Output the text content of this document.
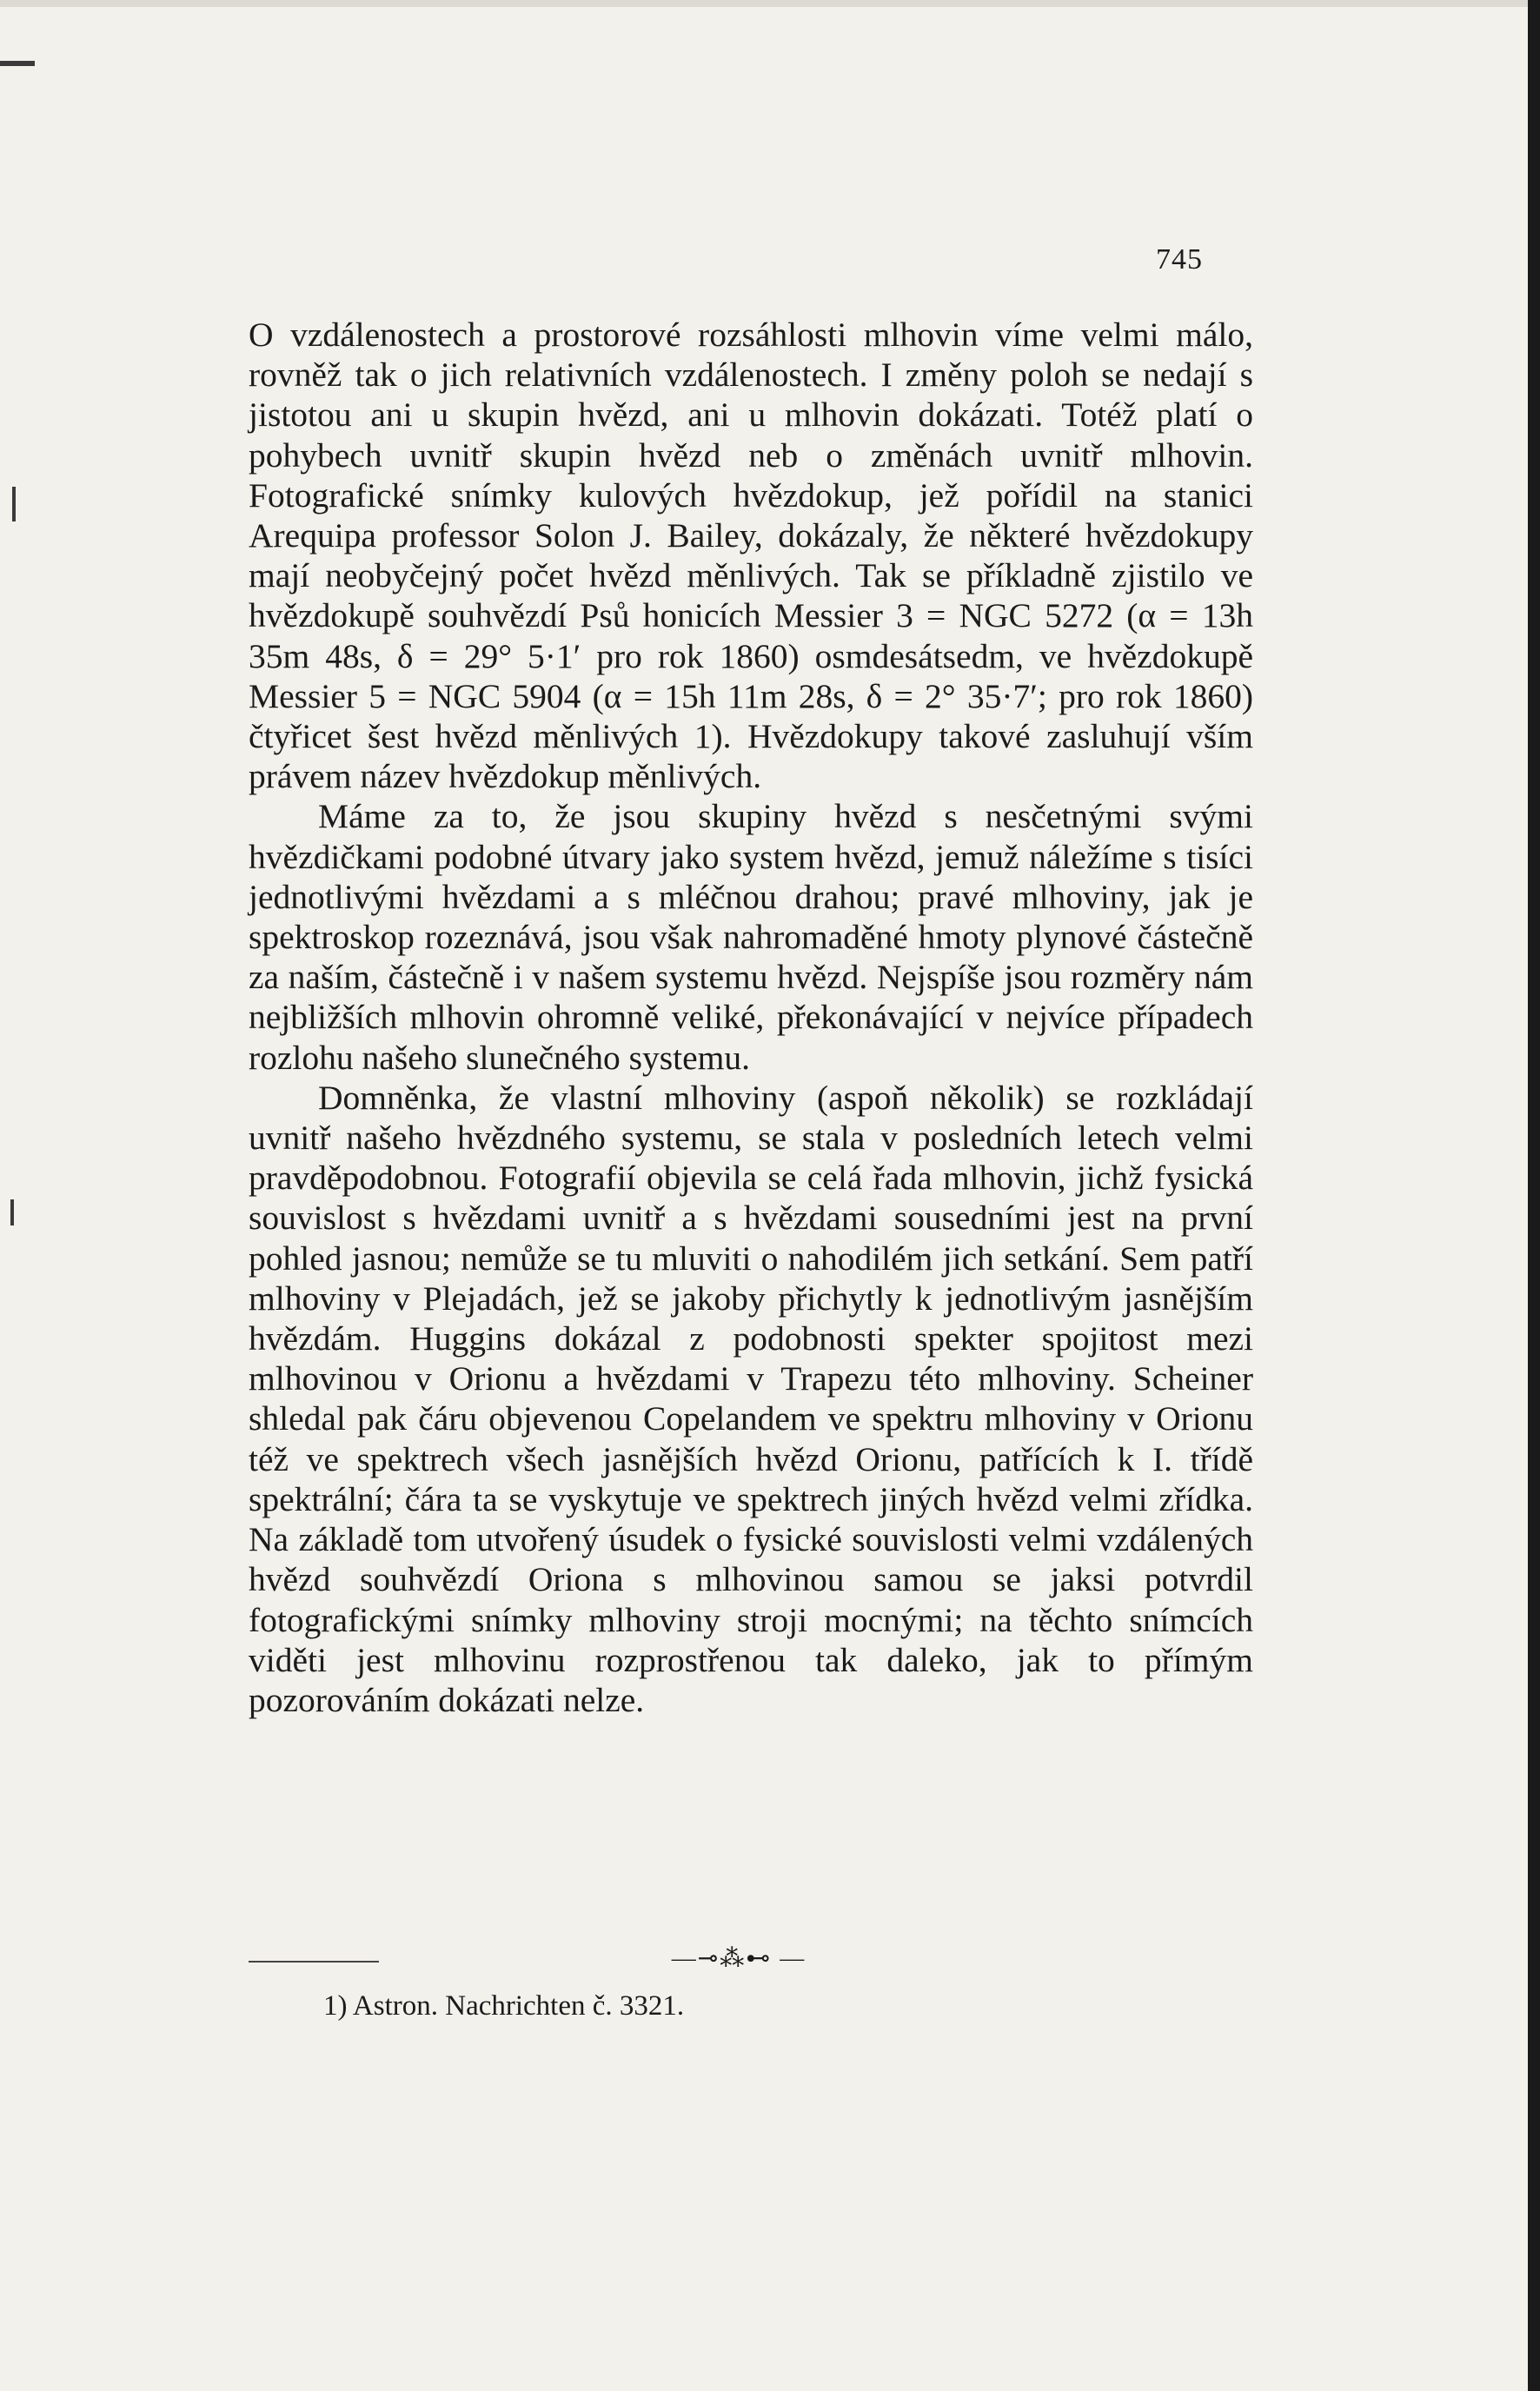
745

O vzdálenostech a prostorové rozsáhlosti mlhovin víme velmi málo, rovněž tak o jich relativních vzdálenostech. I změny poloh se nedají s jistotou ani u skupin hvězd, ani u mlhovin dokázati. Totéž platí o pohybech uvnitř skupin hvězd neb o změnách uvnitř mlhovin. Fotografické snímky kulových hvězdokup, jež pořídil na stanici Arequipa professor Solon J. Bailey, dokázaly, že některé hvězdokupy mají neobyčejný počet hvězd měnlivých. Tak se příkladně zjistilo ve hvězdokupě souhvězdí Psů honicích Messier 3 = NGC 5272 (α = 13h 35m 48s, δ = 29° 5·1′ pro rok 1860) osmdesátsedm, ve hvězdokupě Messier 5 = NGC 5904 (α = 15h 11m 28s, δ = 2° 35·7′; pro rok 1860) čtyřicet šest hvězd měnlivých 1). Hvězdokupy takové zasluhují vším právem název hvězdokup měnlivých.

Máme za to, že jsou skupiny hvězd s nesčetnými svými hvězdičkami podobné útvary jako system hvězd, jemuž náležíme s tisíci jednotlivými hvězdami a s mléčnou drahou; pravé mlhoviny, jak je spektroskop rozeznává, jsou však nahromaděné hmoty plynové částečně za naším, částečně i v našem systemu hvězd. Nejspíše jsou rozměry nám nejbližších mlhovin ohromně veliké, překonávající v nejvíce případech rozlohu našeho slunečného systemu.

Domněnka, že vlastní mlhoviny (aspoň několik) se rozkládají uvnitř našeho hvězdného systemu, se stala v posledních letech velmi pravděpodobnou. Fotografií objevila se celá řada mlhovin, jichž fysická souvislost s hvězdami uvnitř a s hvězdami sousedními jest na první pohled jasnou; nemůže se tu mluviti o nahodilém jich setkání. Sem patří mlhoviny v Plejadách, jež se jakoby přichytly k jednotlivým jasnějším hvězdám. Huggins dokázal z podobnosti spekter spojitost mezi mlhovinou v Orionu a hvězdami v Trapezu této mlhoviny. Scheiner shledal pak čáru objevenou Copelandem ve spektru mlhoviny v Orionu též ve spektrech všech jasnějších hvězd Orionu, patřících k I. třídě spektrální; čára ta se vyskytuje ve spektrech jiných hvězd velmi zřídka. Na základě tom utvořený úsudek o fysické souvislosti velmi vzdálených hvězd souhvězdí Oriona s mlhovinou samou se jaksi potvrdil fotografickými snímky mlhoviny stroji mocnými; na těchto snímcích viděti jest mlhovinu rozprostřenou tak daleko, jak to přímým pozorováním dokázati nelze.

—⊸⁂⊷ —
1) Astron. Nachrichten č. 3321.
